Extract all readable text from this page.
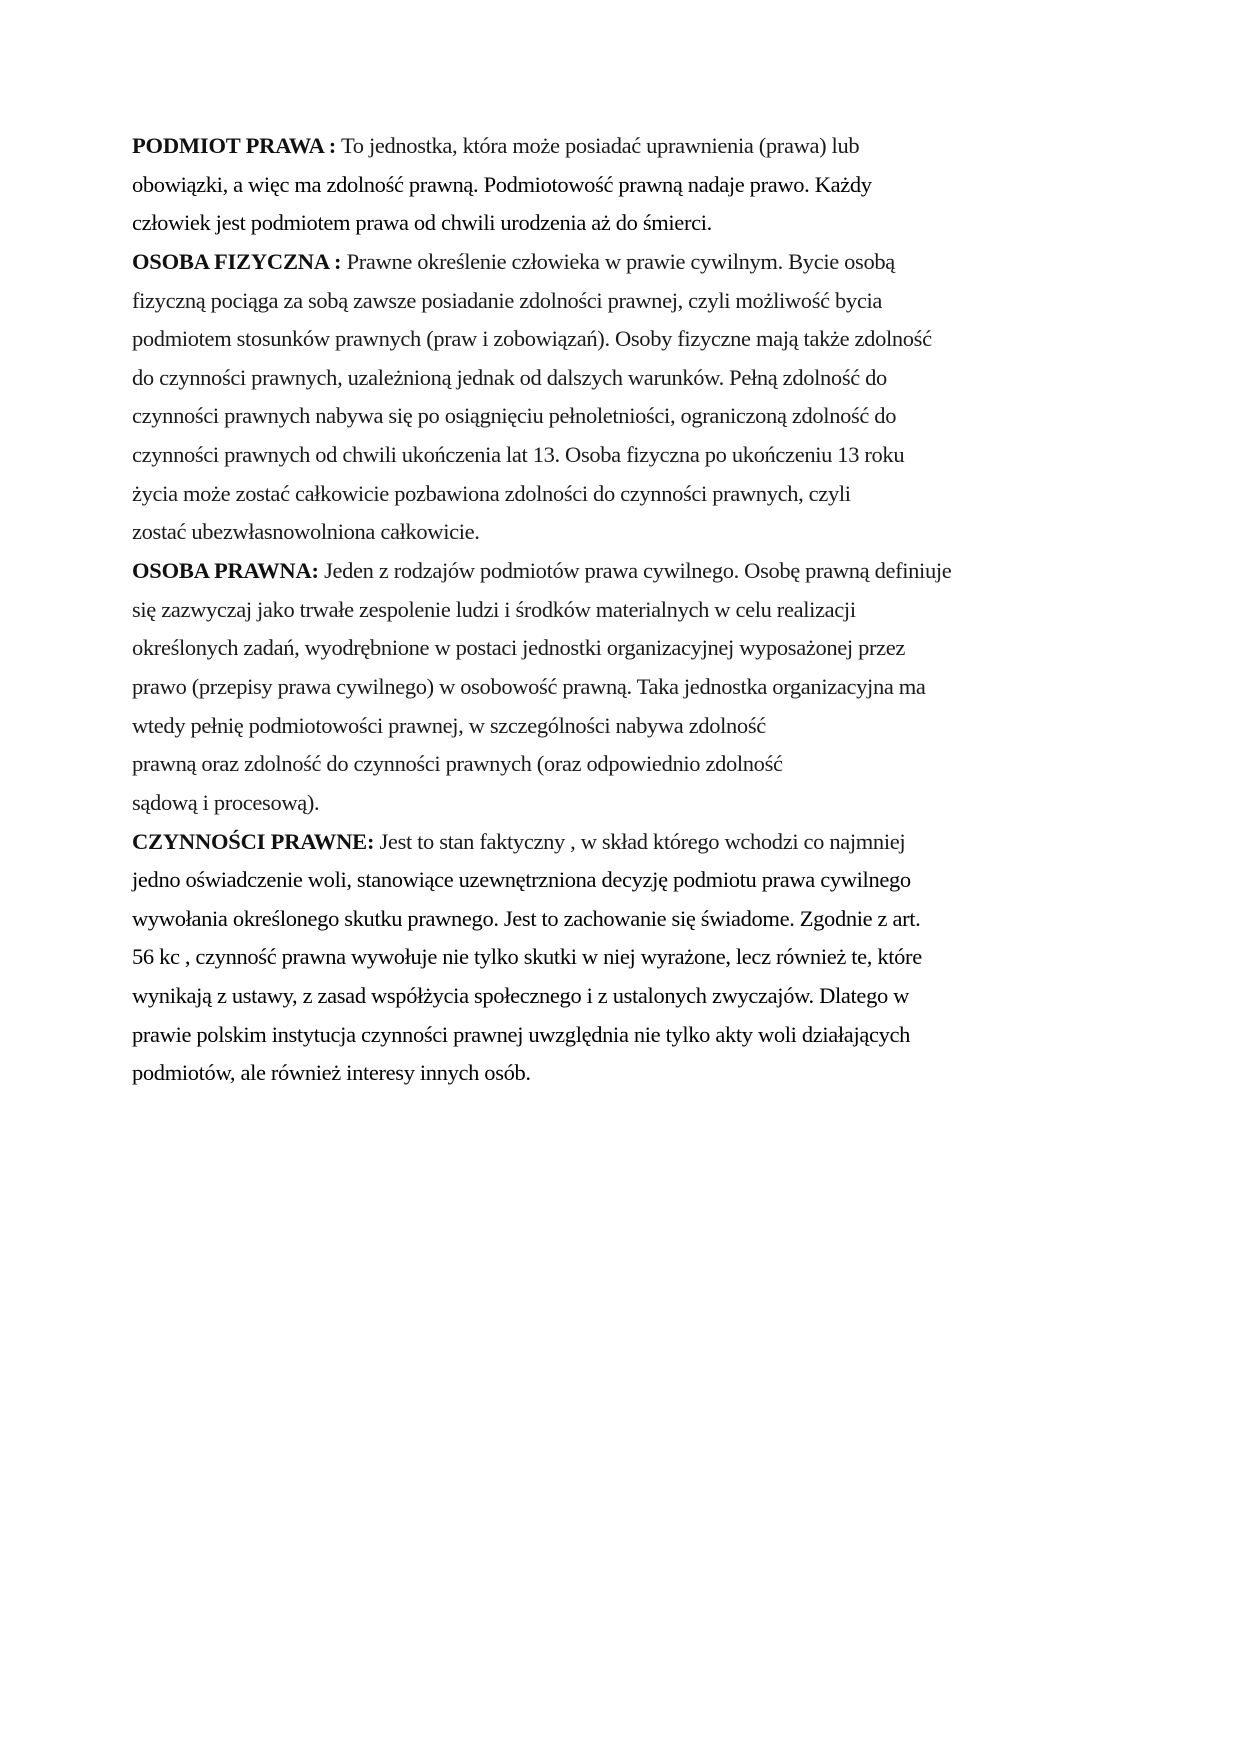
PODMIOT PRAWA : To jednostka, która może posiadać uprawnienia (prawa) lub
obowiązki, a więc ma zdolność prawną. Podmiotowość prawną nadaje prawo. Każdy
człowiek jest podmiotem prawa od chwili urodzenia aż do śmierci.
OSOBA FIZYCZNA : Prawne określenie człowieka w prawie cywilnym. Bycie osobą
fizyczną pociąga za sobą zawsze posiadanie zdolności prawnej, czyli możliwość bycia
podmiotem stosunków prawnych (praw i zobowiązań). Osoby fizyczne mają także zdolność
do czynności prawnych, uzależnioną jednak od dalszych warunków. Pełną zdolność do
czynności prawnych nabywa się po osiągnięciu pełnoletniości, ograniczoną zdolność do
czynności prawnych od chwili ukończenia lat 13. Osoba fizyczna po ukończeniu 13 roku
życia może zostać całkowicie pozbawiona zdolności do czynności prawnych, czyli
zostać ubezwłasnowolniona całkowicie.
OSOBA PRAWNA: Jeden z rodzajów podmiotów prawa cywilnego. Osobę prawną definiuje
się zazwyczaj jako trwałe zespolenie ludzi i środków materialnych w celu realizacji
określonych zadań, wyodrębnione w postaci jednostki organizacyjnej wyposażonej przez
prawo (przepisy prawa cywilnego) w osobowość prawną. Taka jednostka organizacyjna ma
wtedy pełnię podmiotowości prawnej, w szczególności nabywa zdolność
prawną oraz zdolność do czynności prawnych (oraz odpowiednio zdolność
sądową i procesową).
CZYNNOŚCI PRAWNE: Jest to stan faktyczny , w skład którego wchodzi co najmniej
jedno oświadczenie woli, stanowiące uzewnętrzniona decyzję podmiotu prawa cywilnego
wywołania określonego skutku prawnego. Jest to zachowanie się świadome. Zgodnie z art.
56 kc , czynność prawna wywołuje nie tylko skutki w niej wyrażone, lecz również te, które
wynikają z ustawy, z zasad współżycia społecznego i z ustalonych zwyczajów. Dlatego w
prawie polskim instytucja czynności prawnej uwzględnia nie tylko akty woli działających
podmiotów, ale również interesy innych osób.
